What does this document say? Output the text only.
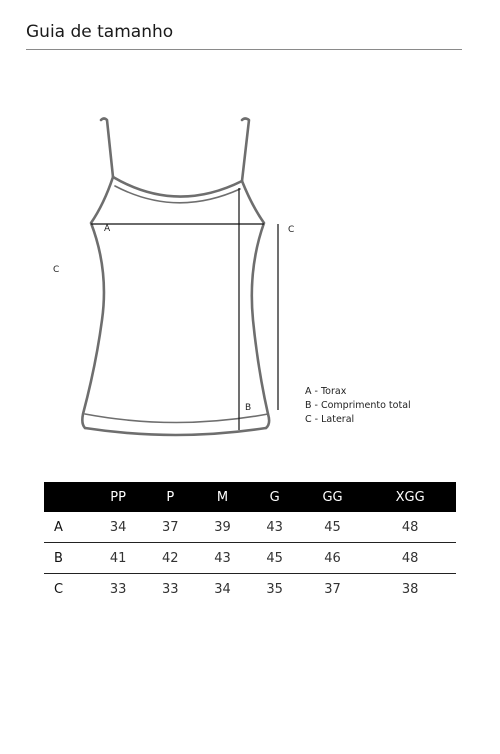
Guia de tamanho
A
B
C
C
A - Torax
B - Comprimento total
C - Lateral
	PP	P	M	G	GG	XGG
A	34	37	39	43	45	48
B	41	42	43	45	46	48
C	33	33	34	35	37	38
